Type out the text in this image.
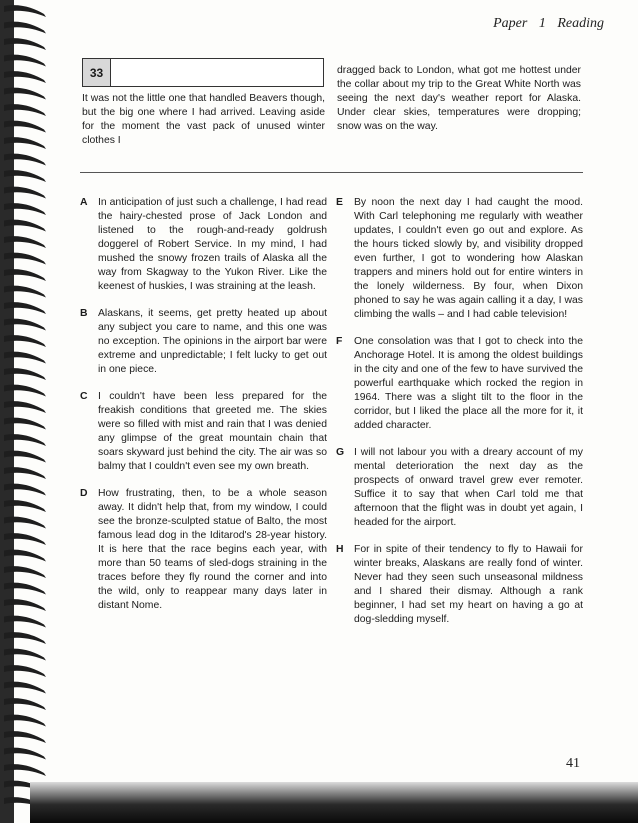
Paper 1 Reading
33
It was not the little one that handled Beavers though, but the big one where I had arrived. Leaving aside for the moment the vast pack of unused winter clothes I
dragged back to London, what got me hottest under the collar about my trip to the Great White North was seeing the next day's weather report for Alaska. Under clear skies, temperatures were dropping; snow was on the way.
A In anticipation of just such a challenge, I had read the hairy-chested prose of Jack London and listened to the rough-and-ready goldrush doggerel of Robert Service. In my mind, I had mushed the snowy frozen trails of Alaska all the way from Skagway to the Yukon River. Like the keenest of huskies, I was straining at the leash.
B Alaskans, it seems, get pretty heated up about any subject you care to name, and this one was no exception. The opinions in the airport bar were extreme and unpredictable; I felt lucky to get out in one piece.
C I couldn't have been less prepared for the freakish conditions that greeted me. The skies were so filled with mist and rain that I was denied any glimpse of the great mountain chain that soars skyward just behind the city. The air was so balmy that I couldn't even see my own breath.
D How frustrating, then, to be a whole season away. It didn't help that, from my window, I could see the bronze-sculpted statue of Balto, the most famous lead dog in the Iditarod's 28-year history. It is here that the race begins each year, with more than 50 teams of sled-dogs straining in the traces before they fly round the corner and into the wild, only to reappear many days later in distant Nome.
E By noon the next day I had caught the mood. With Carl telephoning me regularly with weather updates, I couldn't even go out and explore. As the hours ticked slowly by, and visibility dropped even further, I got to wondering how Alaskan trappers and miners hold out for entire winters in the lonely wilderness. By four, when Dixon phoned to say he was again calling it a day, I was climbing the walls – and I had cable television!
F One consolation was that I got to check into the Anchorage Hotel. It is among the oldest buildings in the city and one of the few to have survived the powerful earthquake which rocked the region in 1964. There was a slight tilt to the floor in the corridor, but I liked the place all the more for it, it added character.
G I will not labour you with a dreary account of my mental deterioration the next day as the prospects of onward travel grew ever remoter. Suffice it to say that when Carl told me that afternoon that the flight was in doubt yet again, I headed for the airport.
H For in spite of their tendency to fly to Hawaii for winter breaks, Alaskans are really fond of winter. Never had they seen such unseasonal mildness and I shared their dismay. Although a rank beginner, I had set my heart on having a go at dog-sledding myself.
41
